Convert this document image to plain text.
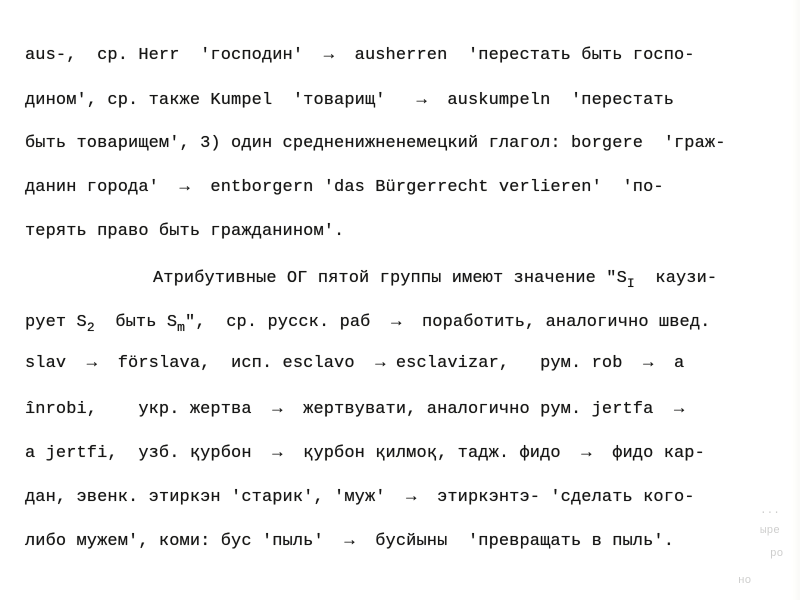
aus-,  ср. Herr  'господин'  →  ausherren  'перестать быть госпо-
дином', ср. также Kumpel  'товарищ'   →  auskumpeln  'перестать
быть товарищем', 3) один средненижненемецкий глагол: borgere  'граж-
данин города'  →  entborgern 'das Bürgerrecht verlieren'  'по-
терять право быть гражданином'.
Атрибутивные ОГ пятой группы имеют значение "$S_I$  каузи-
рует $S_2$  быть $S_m$",  ср. русск. раб  →  поработить, аналогично швед.
slav  →  förslava,  исп. esclavo  → esclavizar,   рум. rob  →  a
înrobi,    укр. жертва  →  жертвувати, аналогично рум. jertfa  →
a jertfi,  узб. қурбон  →  қурбон қилмоқ, тадж. фидо  →  фидо кар-
дан, эвенк. этиркэн 'старик', 'муж'  →  этиркэнтэ- 'сделать кого-
либо мужем', коми: бус 'пыль'  →  бусйыны  'превращать в пыль'.
...
ыре
ро
но
